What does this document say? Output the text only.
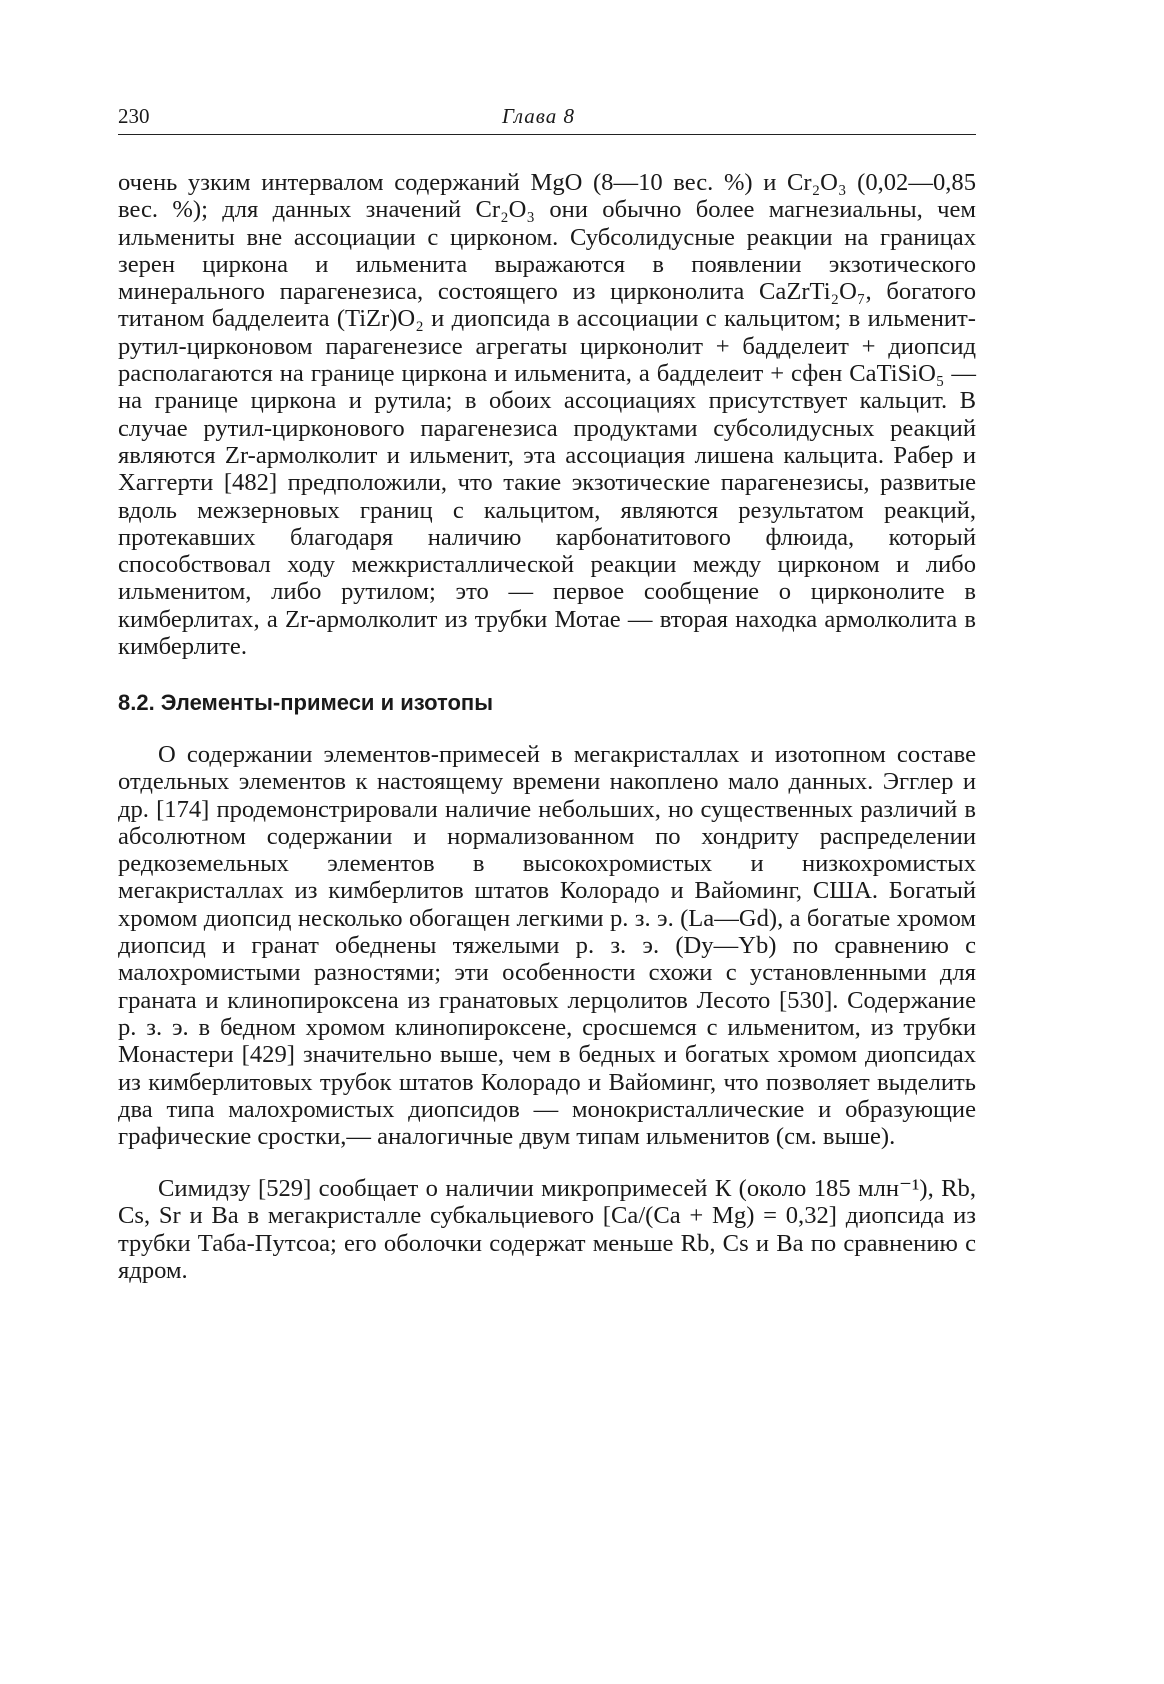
230	Глава 8

очень узким интервалом содержаний MgO (8—10 вес. %) и Cr₂O₃ (0,02—0,85 вес. %); для данных значений Cr₂O₃ они обычно более магнезиальны, чем ильмениты вне ассоциации с цирконом. Субсолидусные реакции на границах зерен циркона и ильменита выражаются в появлении экзотического минерального парагенезиса, состоящего из цирконолита CaZrTi₂O₇, богатого титаном бадделеита (TiZr)O₂ и диопсида в ассоциации с кальцитом; в ильменит-рутил-цирконовом парагенезисе агрегаты цирконолит + бадделеит + диопсид располагаются на границе циркона и ильменита, а бадделеит + сфен CaTiSiO₅ — на границе циркона и рутила; в обоих ассоциациях присутствует кальцит. В случае рутил-цирконового парагенезиса продуктами субсолидусных реакций являются Zr-армолколит и ильменит, эта ассоциация лишена кальцита. Рабер и Хаггерти [482] предположили, что такие экзотические парагенезисы, развитые вдоль межзерновых границ с кальцитом, являются результатом реакций, протекавших благодаря наличию карбонатитового флюида, который способствовал ходу межкристаллической реакции между цирконом и либо ильменитом, либо рутилом; это — первое сообщение о цирконолите в кимберлитах, а Zr-армолколит из трубки Мотае — вторая находка армолколита в кимберлите.

8.2. Элементы-примеси и изотопы

О содержании элементов-примесей в мегакристаллах и изотопном составе отдельных элементов к настоящему времени накоплено мало данных. Эгглер и др. [174] продемонстрировали наличие небольших, но существенных различий в абсолютном содержании и нормализованном по хондриту распределении редкоземельных элементов в высокохромистых и низкохромистых мегакристаллах из кимберлитов штатов Колорадо и Вайоминг, США. Богатый хромом диопсид несколько обогащен легкими р. з. э. (La—Gd), а богатые хромом диопсид и гранат обеднены тяжелыми р. з. э. (Dy—Yb) по сравнению с малохромистыми разностями; эти особенности схожи с установленными для граната и клинопироксена из гранатовых лерцолитов Лесото [530]. Содержание р. з. э. в бедном хромом клинопироксене, сросшемся с ильменитом, из трубки Монастери [429] значительно выше, чем в бедных и богатых хромом диопсидах из кимберлитовых трубок штатов Колорадо и Вайоминг, что позволяет выделить два типа малохромистых диопсидов — монокристаллические и образующие графические сростки,— аналогичные двум типам ильменитов (см. выше).

Симидзу [529] сообщает о наличии микропримесей К (около 185 млн⁻¹), Rb, Cs, Sr и Ba в мегакристалле субкальциевого [Ca/(Ca + Mg) = 0,32] диопсида из трубки Таба-Путсоа; его оболочки содержат меньше Rb, Cs и Ba по сравнению с ядром.
